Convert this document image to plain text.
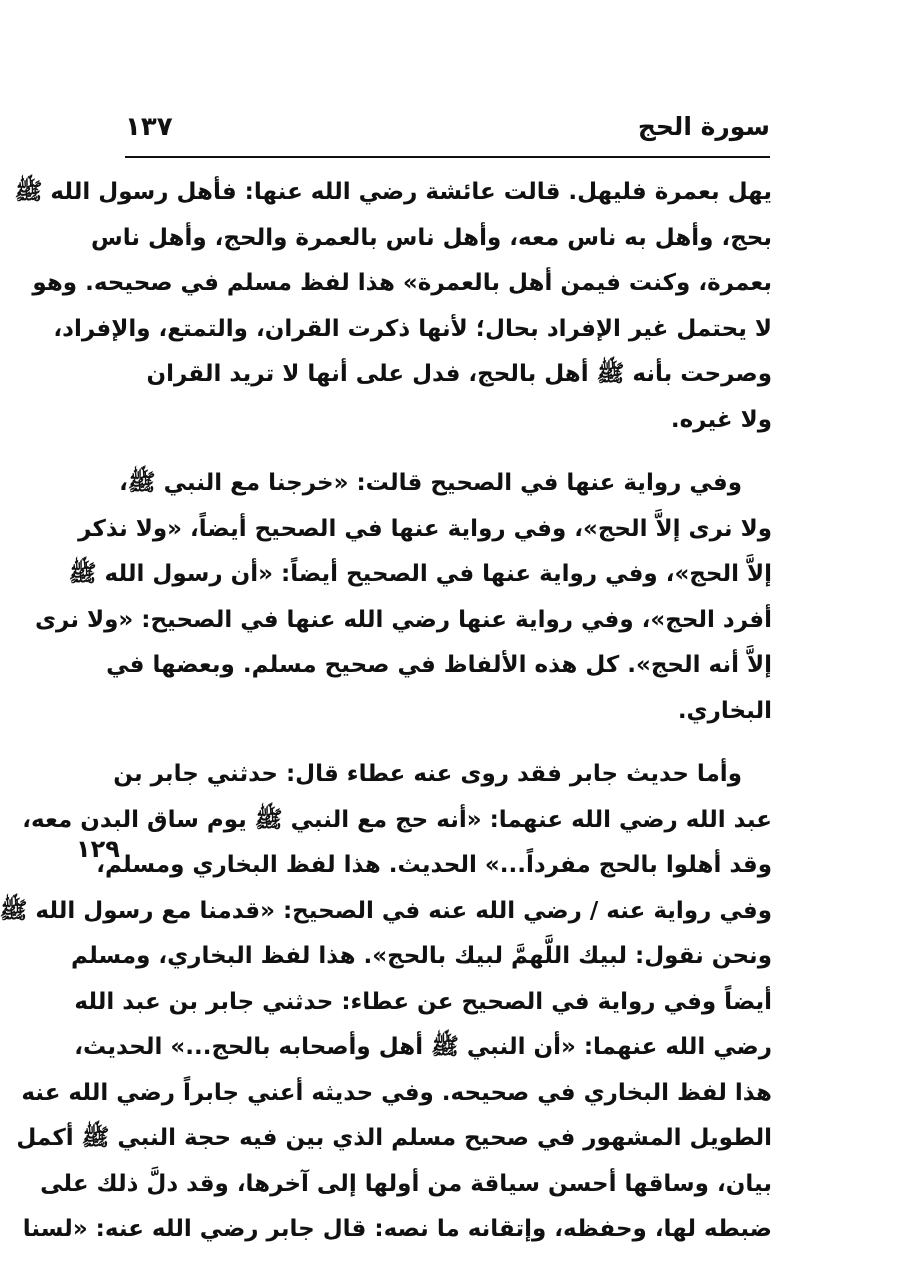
سورة الحج
١٣٧
١٢٩
يهل بعمرة فليهل. قالت عائشة رضي الله عنها: فأهل رسول الله ﷺ
بحج، وأهل به ناس معه، وأهل ناس بالعمرة والحج، وأهل ناس
بعمرة، وكنت فيمن أهل بالعمرة» هذا لفظ مسلم في صحيحه. وهو
لا يحتمل غير الإفراد بحال؛ لأنها ذكرت القران، والتمتع، والإفراد،
وصرحت بأنه ﷺ أهل بالحج، فدل على أنها لا تريد القران
ولا غيره.
وفي رواية عنها في الصحيح قالت: «خرجنا مع النبي ﷺ،
ولا نرى إلاَّ الحج»، وفي رواية عنها في الصحيح أيضاً، «ولا نذكر
إلاَّ الحج»، وفي رواية عنها في الصحيح أيضاً: «أن رسول الله ﷺ
أفرد الحج»، وفي رواية عنها رضي الله عنها في الصحيح: «ولا نرى
إلاَّ أنه الحج». كل هذه الألفاظ في صحيح مسلم. وبعضها في
البخاري.
وأما حديث جابر فقد روى عنه عطاء قال: حدثني جابر بن
عبد الله رضي الله عنهما: «أنه حج مع النبي ﷺ يوم ساق البدن معه،
وقد أهلوا بالحج مفرداً...» الحديث. هذا لفظ البخاري ومسلم،
وفي رواية عنه / رضي الله عنه في الصحيح: «قدمنا مع رسول الله ﷺ
ونحن نقول: لبيك اللَّهمَّ لبيك بالحج». هذا لفظ البخاري، ومسلم
أيضاً وفي رواية في الصحيح عن عطاء: حدثني جابر بن عبد الله
رضي الله عنهما: «أن النبي ﷺ أهل وأصحابه بالحج...» الحديث،
هذا لفظ البخاري في صحيحه. وفي حديثه أعني جابراً رضي الله عنه
الطويل المشهور في صحيح مسلم الذي بين فيه حجة النبي ﷺ أكمل
بيان، وساقها أحسن سياقة من أولها إلى آخرها، وقد دلَّ ذلك على
ضبطه لها، وحفظه، وإتقانه ما نصه: قال جابر رضي الله عنه: «لسنا
